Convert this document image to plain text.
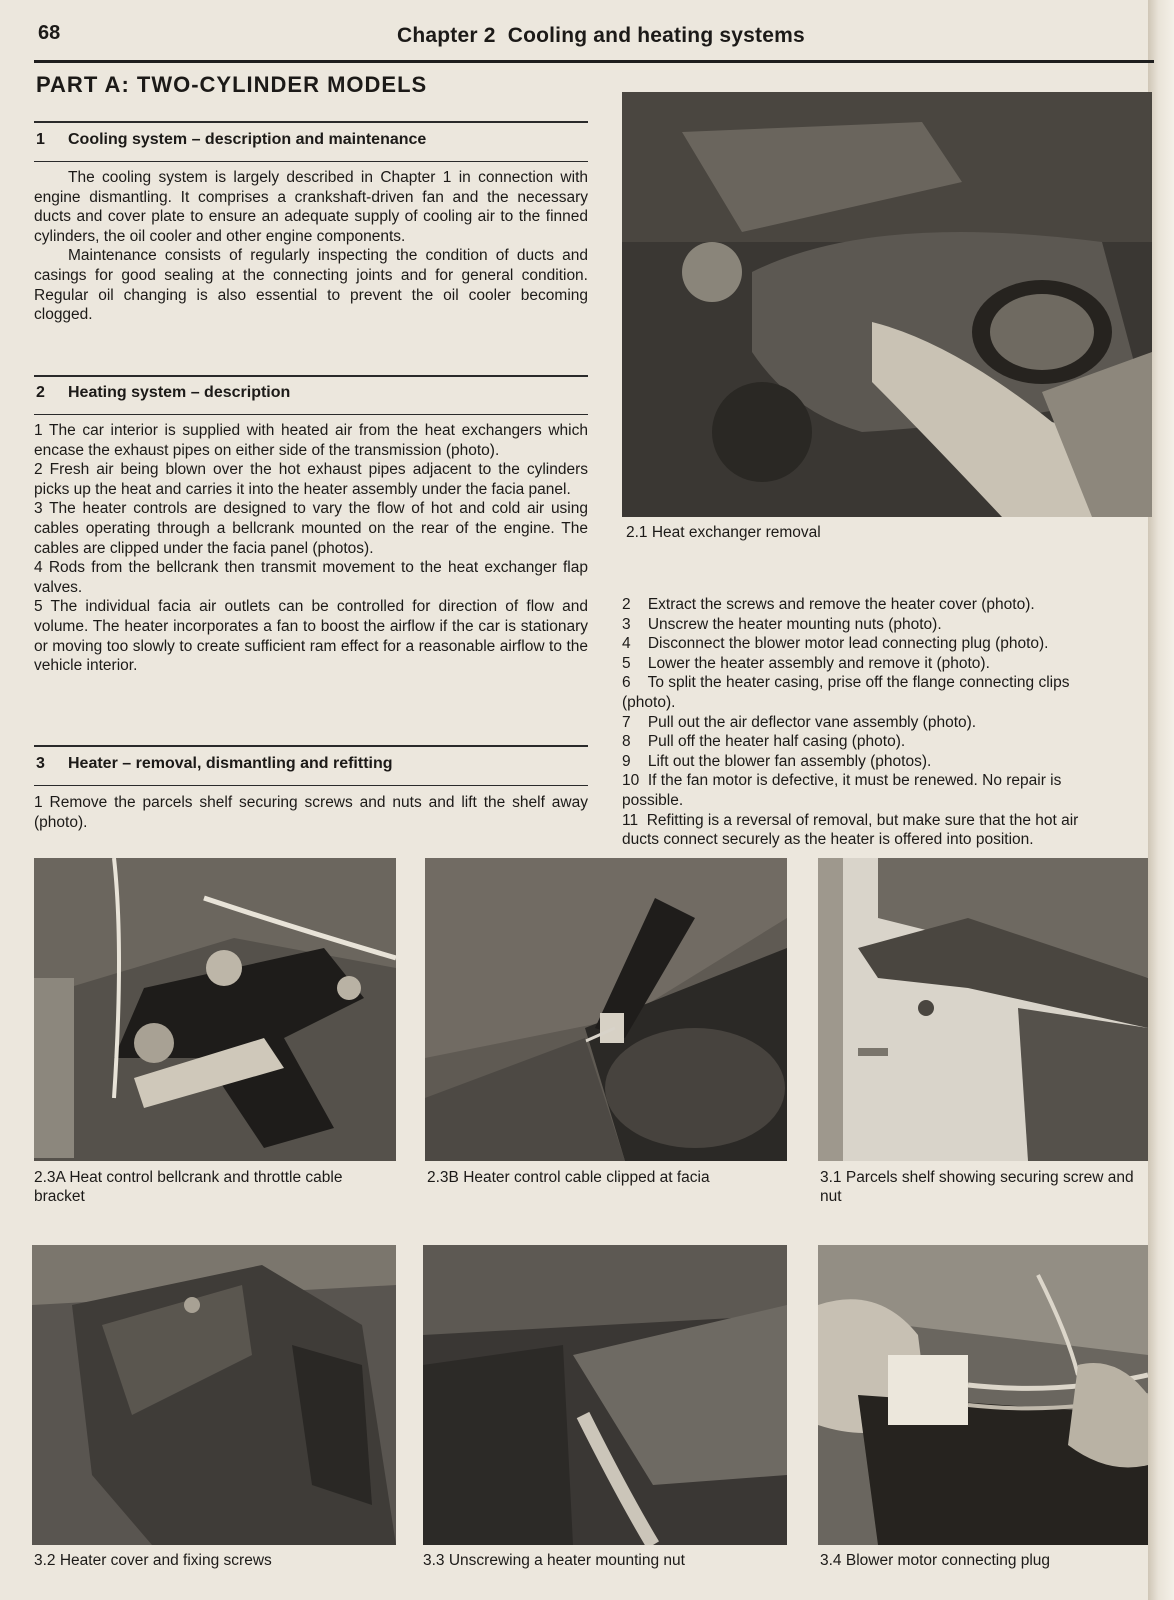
68	Chapter 2  Cooling and heating systems
PART A: TWO-CYLINDER MODELS
1 Cooling system – description and maintenance

The cooling system is largely described in Chapter 1 in connection with engine dismantling. It comprises a crankshaft-driven fan and the necessary ducts and cover plate to ensure an adequate supply of cooling air to the finned cylinders, the oil cooler and other engine components.

Maintenance consists of regularly inspecting the condition of ducts and casings for good sealing at the connecting joints and for general condition. Regular oil changing is also essential to prevent the oil cooler becoming clogged.

2 Heating system – description

1 The car interior is supplied with heated air from the heat exchangers which encase the exhaust pipes on either side of the transmission (photo).

2 Fresh air being blown over the hot exhaust pipes adjacent to the cylinders picks up the heat and carries it into the heater assembly under the facia panel.

3 The heater controls are designed to vary the flow of hot and cold air using cables operating through a bellcrank mounted on the rear of the engine. The cables are clipped under the facia panel (photos).

4 Rods from the bellcrank then transmit movement to the heat exchanger flap valves.

5 The individual facia air outlets can be controlled for direction of flow and volume. The heater incorporates a fan to boost the airflow if the car is stationary or moving too slowly to create sufficient ram effect for a reasonable airflow to the vehicle interior.

3 Heater – removal, dismantling and refitting

1 Remove the parcels shelf securing screws and nuts and lift the shelf away (photo).

2.1 Heat exchanger removal

2    Extract the screws and remove the heater cover (photo).

3    Unscrew the heater mounting nuts (photo).

4    Disconnect the blower motor lead connecting plug (photo).

5    Lower the heater assembly and remove it (photo).

6    To split the heater casing, prise off the flange connecting clips

(photo).

7    Pull out the air deflector vane assembly (photo).

8    Pull off the heater half casing (photo).

9    Lift out the blower fan assembly (photos).

10  If the fan motor is defective, it must be renewed. No repair is

possible.

11  Refitting is a reversal of removal, but make sure that the hot air

ducts connect securely as the heater is offered into position.

2.3A Heat control bellcrank and throttle cable bracket
2.3B Heater control cable clipped at facia	3.1 Parcels shelf showing securing screw and nut
3.2 Heater cover and fixing screws	3.3 Unscrewing a heater mounting nut	3.4 Blower motor connecting plug
